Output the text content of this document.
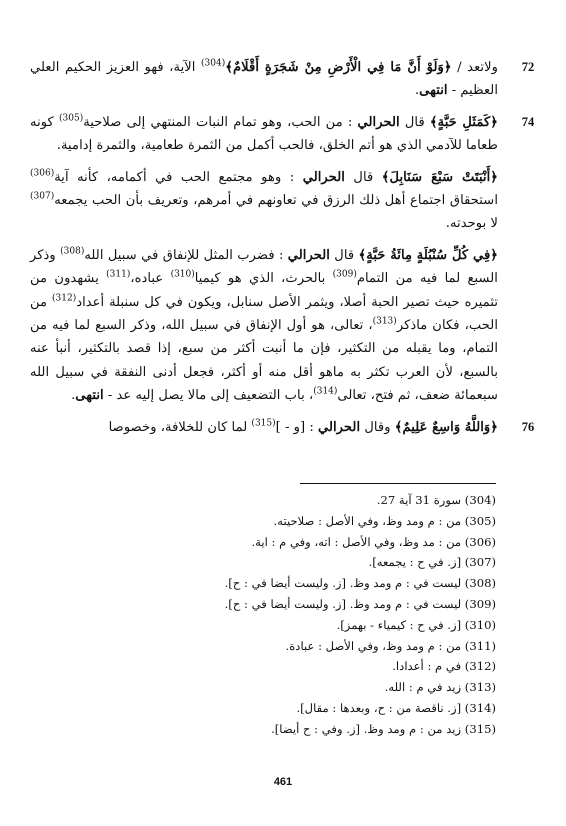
72
ولاتعد / ﴿وَلَوْ أَنَّ مَا فِي الْأَرْضِ مِنْ شَجَرَةٍ أَقْلَامٌ﴾$^{(304)}$ الآية، فهو العزيز الحكيم العلي العظيم - انتهى.
74
﴿كَمَثَلِ حَبَّةٍ﴾ قال الحرالي : من الحب، وهو تمام النبات المنتهي إلى صلاحية$^{(305)}$ كونه طعاما للآدمي الذي هو أتم الخلق، فالحب أكمل من الثمرة طعامية، والثمرة إدامية.
﴿أَنْبَتَتْ سَبْعَ سَنَابِلَ﴾ قال الحرالي : وهو مجتمع الحب في أكمامه، كأنه آية$^{(306)}$ استحقاق اجتماع أهل ذلك الرزق في تعاونهم في أمرهم، وتعريف بأن الحب يجمعه$^{(307)}$ لا بوحدته.
﴿فِي كُلِّ سُنْبُلَةٍ مِائَةُ حَبَّةٍ﴾ قال الحرالي : فضرب المثل للإنفاق في سبيل الله$^{(308)}$ وذكر السبع لما فيه من التمام$^{(309)}$ بالحرث، الذي هو كيميا$^{(310)}$ عباده،$^{(311)}$ يشهدون من تثميره حيث تصير الحبة أصلا، ويثمر الأصل سنابل، ويكون في كل سنبلة أعداد$^{(312)}$ من الحب، فكان ماذكر$^{(313)}$، تعالى، هو أول الإنفاق في سبيل الله، وذكر السبع لما فيه من التمام، وما يقبله من التكثير، فإن ما أنبت أكثر من سبع، إذا قصد بالتكثير، أنبأ عنه بالسبع، لأن العرب تكثر به ماهو أقل منه أو أكثر، فجعل أدنى النفقة في سبيل الله سبعمائة ضعف، ثم فتح، تعالى$^{(314)}$، باب التضعيف إلى مالا يصل إليه عد - انتهى.
76
﴿وَاللَّهُ وَاسِعٌ عَلِيمٌ﴾ وقال الحرالي : [و - ]$^{(315)}$ لما كان للخلافة، وخصوصا
(304) سورة 31 آية 27.
(305) من : م ومد وظ، وفي الأصل : صلاحيته.
(306) من : مد وظ، وفي الأصل : اته، وفي م : اية.
(307) [ز. في ح : يجمعه].
(308) ليست في : م ومد وظ. [ز. وليست أيضا في : ح].
(309) ليست في : م ومد وظ. [ز. وليست أيضا في : ح].
(310) [ز. في ح : كيمياء - بهمز].
(311) من : م ومد وظ، وفي الأصل : عبادة.
(312) في م : أعدادا.
(313) زيد في م : الله.
(314) [ز. ناقصة من : ح، وبعدها : مقال].
(315) زيد من : م ومد وظ. [ز. وفي : ح أيضا].
461
